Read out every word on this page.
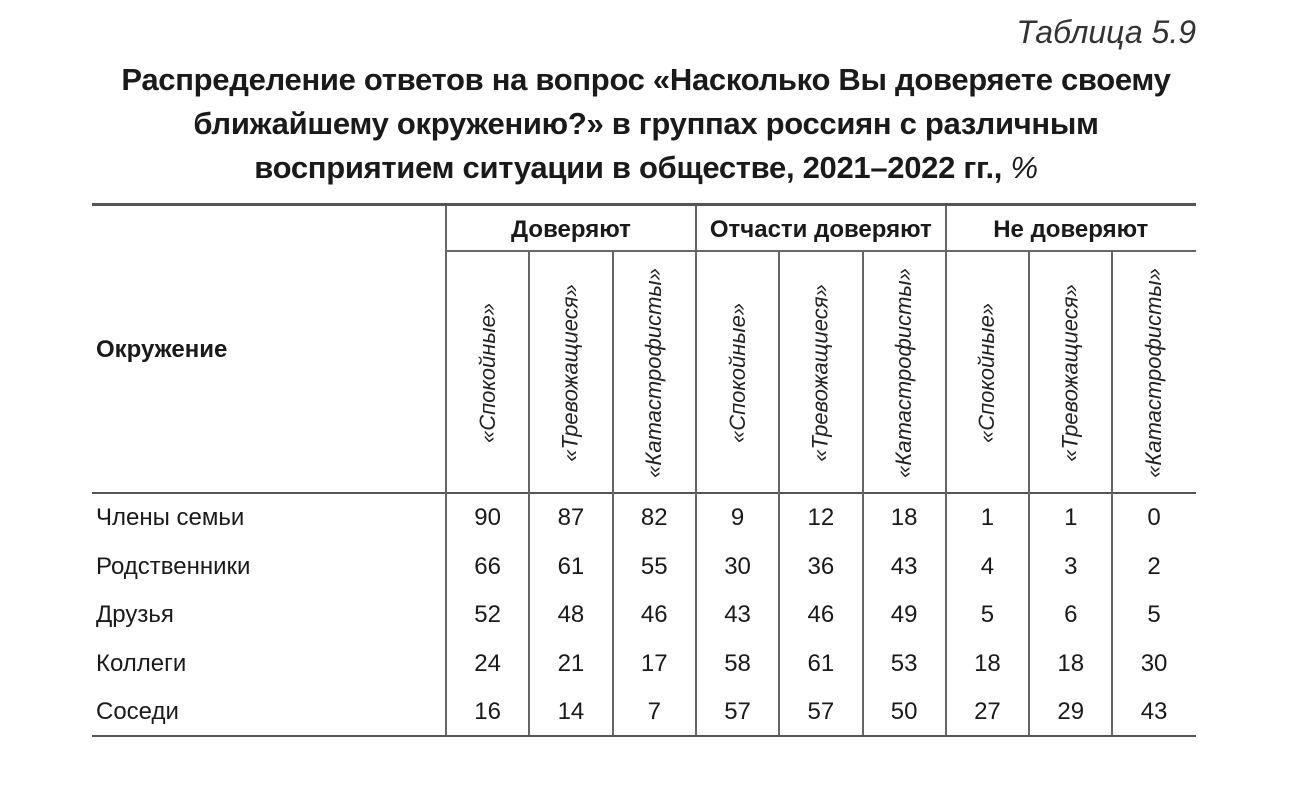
Таблица 5.9
Распределение ответов на вопрос «Насколько Вы доверяете своему ближайшему окружению?» в группах россиян с различным восприятием ситуации в обществе, 2021–2022 гг., %
Окружение
Доверяют	Отчасти доверяют	Не доверяют
«Спокойные»	«Тревожащиеся»	«Катастрофисты»	«Спокойные»	«Тревожащиеся»	«Катастрофисты»	«Спокойные»	«Тревожащиеся»	«Катастрофисты»
Члены семьи	90	87	82	9	12	18	1	1	0
Родственники	66	61	55	30	36	43	4	3	2
Друзья	52	48	46	43	46	49	5	6	5
Коллеги	24	21	17	58	61	53	18	18	30
Соседи	16	14	7	57	57	50	27	29	43
